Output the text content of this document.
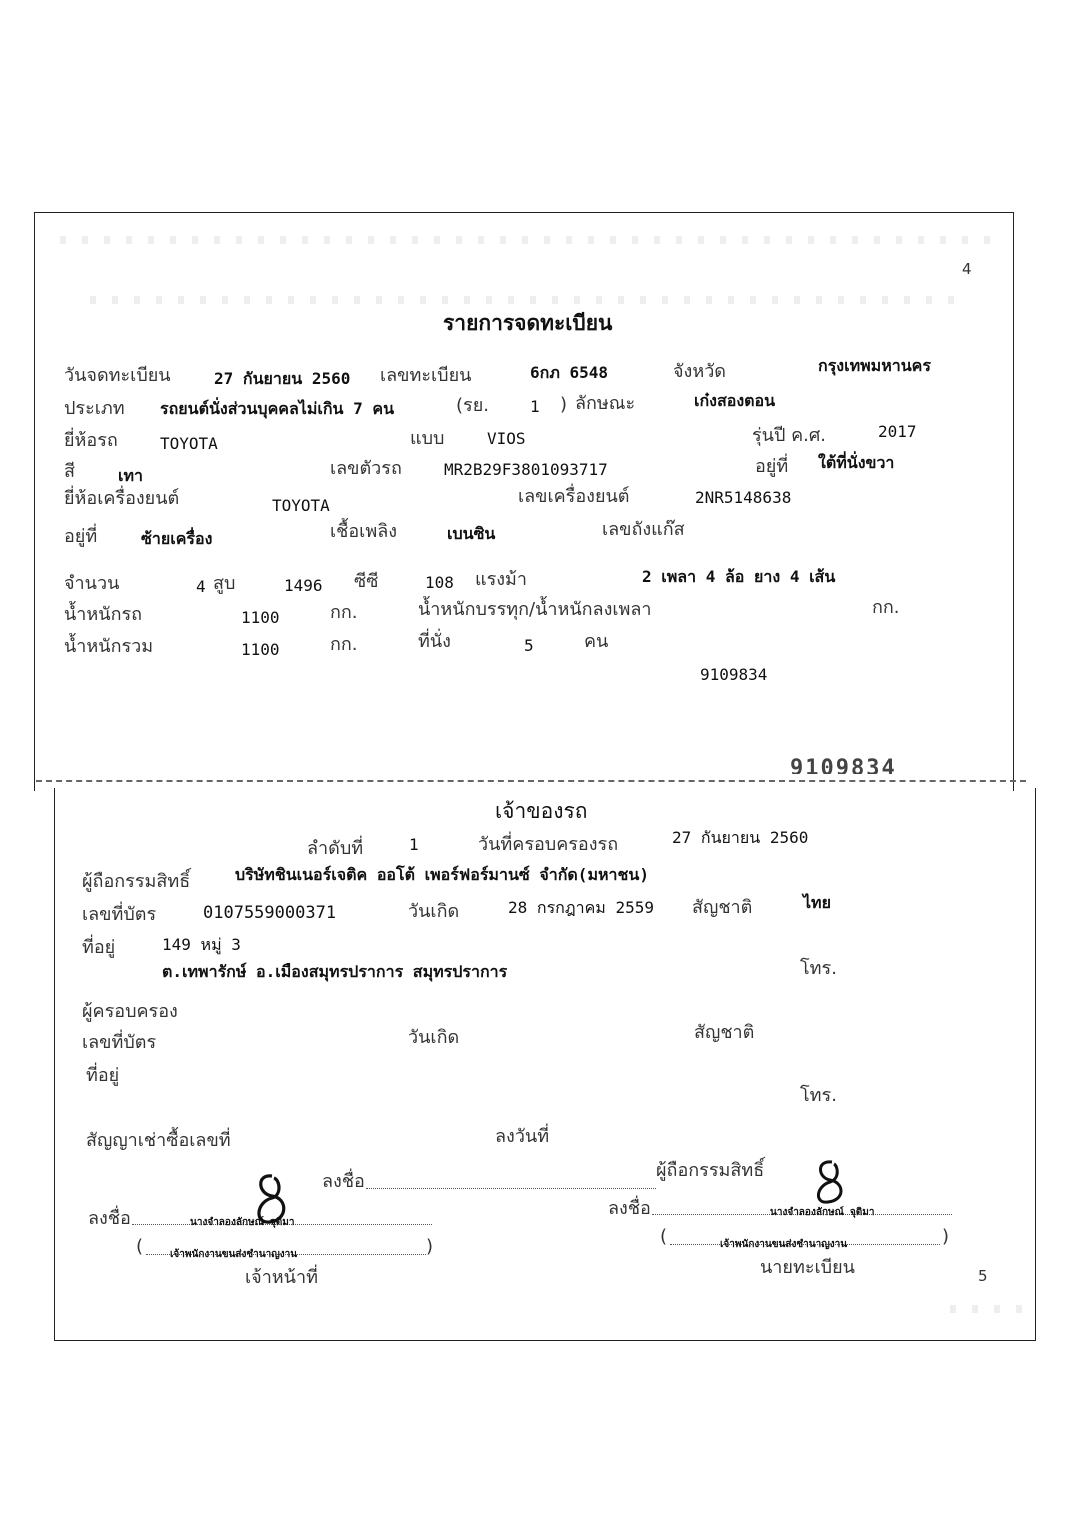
4
5
รายการจดทะเบียน
วันจดทะเบียน	27 กันยายน 2560 เลขทะเบียน	6กภ 6548	จังหวัด	กรุงเทพมหานคร
ประเภท รถยนต์นั่งส่วนบุคคลไม่เกิน 7 คน	(รย.	1 ) ลักษณะ	เก๋งสองตอน
ยี่ห้อรถ	TOYOTA	แบบ	VIOS	รุ่นปี ค.ศ.	2017
สี	เทา	เลขตัวรถ	MR2B29F3801093717	อยู่ที่ ใต้ที่นั่งขวา
ยี่ห้อเครื่องยนต์	TOYOTA	เลขเครื่องยนต์	2NR5148638
อยู่ที่	ซ้ายเครื่อง	เชื้อเพลิง	เบนซิน	เลขถังแก๊ส
จำนวน	4 สูบ	1496 ซีซี	108 แรงม้า	2 เพลา 4 ล้อ ยาง 4 เส้น
น้ำหนักรถ	1100	กก.	น้ำหนักบรรทุก/น้ำหนักลงเพลา	กก.
น้ำหนักรวม	1100	กก.	ที่นั่ง	5	คน
9109834
9109834
เจ้าของรถ
ลำดับที่	1	วันที่ครอบครองรถ	27 กันยายน 2560
ผู้ถือกรรมสิทธิ์	บริษัทชินเนอร์เจติค ออโต้ เพอร์ฟอร์มานซ์ จำกัด(มหาชน)
เลขที่บัตร	0107559000371	วันเกิด	28 กรกฎาคม 2559 สัญชาติ	ไทย
ที่อยู่	149 หมู่ 3
ต.เทพารักษ์ อ.เมืองสมุทรปราการ สมุทรปราการ	โทร.
ผู้ครอบครอง
เลขที่บัตร	วันเกิด	สัญชาติ
ที่อยู่
โทร.
สัญญาเช่าซื้อเลขที่	ลงวันที่
ลงชื่อ
ผู้ถือกรรมสิทธิ์
ลงชื่อ	นางจำลองลักษณ์ จุติมา
(	เจ้าพนักงานขนส่งชำนาญงาน	)
เจ้าหน้าที่
ลงชื่อ	นางจำลองลักษณ์ จุติมา
(	เจ้าพนักงานขนส่งชำนาญงาน	)
นายทะเบียน
